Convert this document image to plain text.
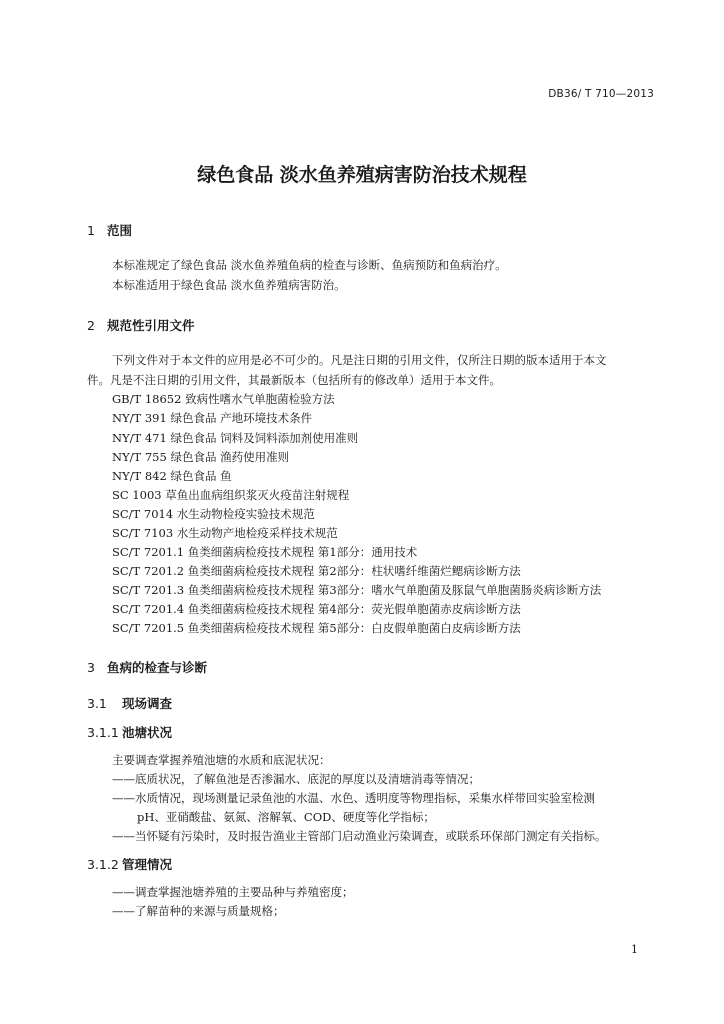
DB36/ T 710—2013
绿色食品 淡水鱼养殖病害防治技术规程
1 范围
本标准规定了绿色食品 淡水鱼养殖鱼病的检查与诊断、鱼病预防和鱼病治疗。
本标准适用于绿色食品 淡水鱼养殖病害防治。
2 规范性引用文件
下列文件对于本文件的应用是必不可少的。凡是注日期的引用文件，仅所注日期的版本适用于本文
件。凡是不注日期的引用文件，其最新版本（包括所有的修改单）适用于本文件。
GB/T 18652 致病性嗜水气单胞菌检验方法
NY/T 391 绿色食品 产地环境技术条件
NY/T 471 绿色食品 饲料及饲料添加剂使用准则
NY/T 755 绿色食品 渔药使用准则
NY/T 842 绿色食品 鱼
SC 1003 草鱼出血病组织浆灭火疫苗注射规程
SC/T 7014 水生动物检疫实验技术规范
SC/T 7103 水生动物产地检疫采样技术规范
SC/T 7201.1 鱼类细菌病检疫技术规程 第1部分：通用技术
SC/T 7201.2 鱼类细菌病检疫技术规程 第2部分：柱状嗜纤维菌烂鳃病诊断方法
SC/T 7201.3 鱼类细菌病检疫技术规程 第3部分：嗜水气单胞菌及豚鼠气单胞菌肠炎病诊断方法
SC/T 7201.4 鱼类细菌病检疫技术规程 第4部分：荧光假单胞菌赤皮病诊断方法
SC/T 7201.5 鱼类细菌病检疫技术规程 第5部分：白皮假单胞菌白皮病诊断方法
3 鱼病的检查与诊断
3.1 现场调查
3.1.1 池塘状况
主要调查掌握养殖池塘的水质和底泥状况：
——底质状况，了解鱼池是否渗漏水、底泥的厚度以及清塘消毒等情况；
——水质情况，现场测量记录鱼池的水温、水色、透明度等物理指标，采集水样带回实验室检测
pH、亚硝酸盐、氨氮、溶解氧、COD、硬度等化学指标；
——当怀疑有污染时，及时报告渔业主管部门启动渔业污染调查，或联系环保部门测定有关指标。
3.1.2 管理情况
——调查掌握池塘养殖的主要品种与养殖密度；
——了解苗种的来源与质量规格；
1
